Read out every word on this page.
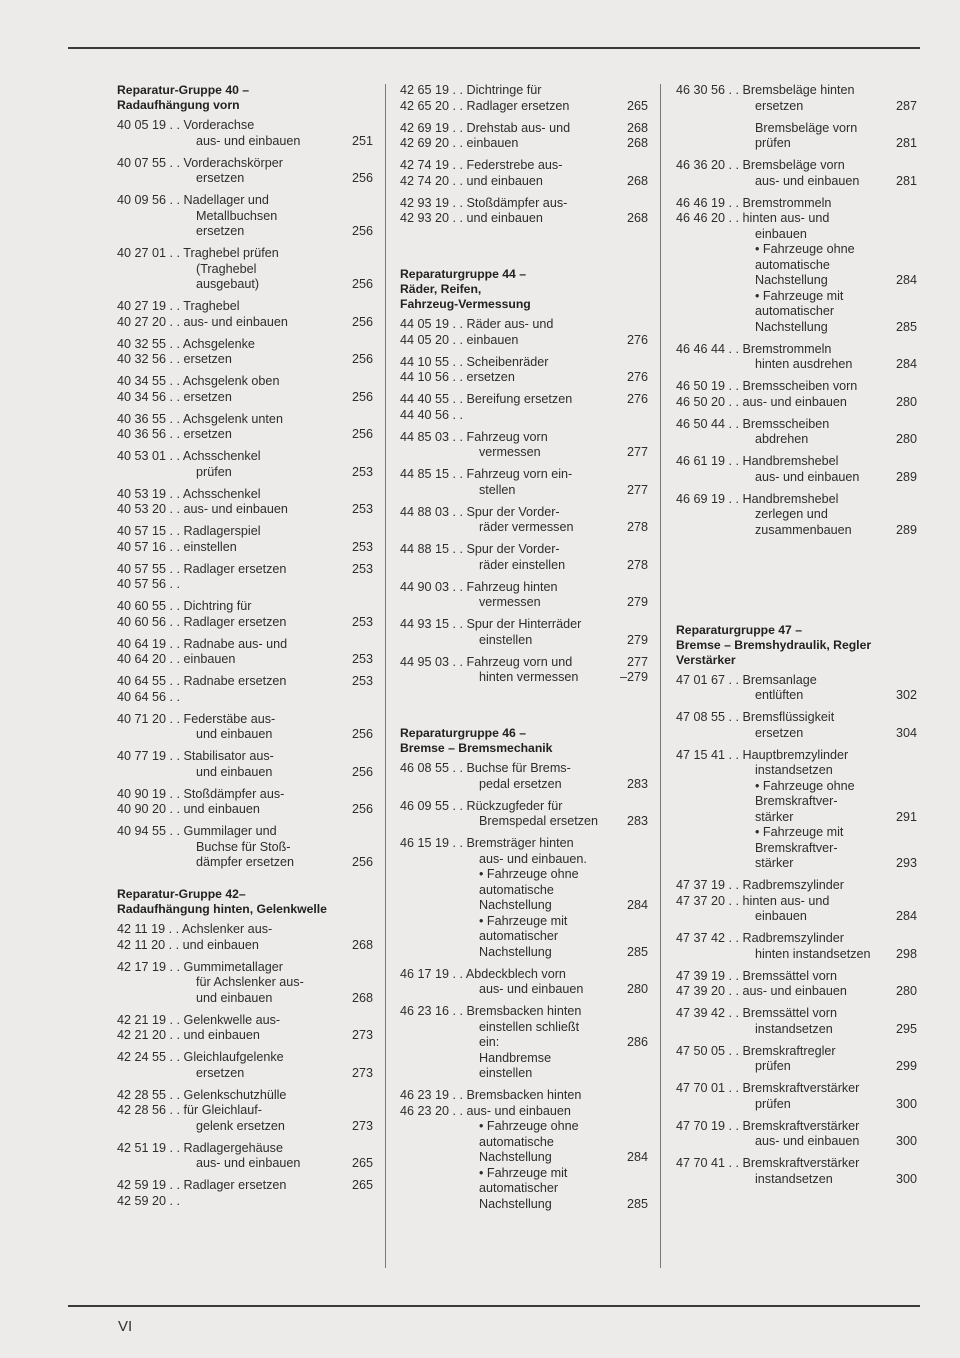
Reparatur-Gruppe 40 –
Radaufhängung vorn
40 05 19 . . Vorderachse
aus- und einbauen	251
40 07 55 . . Vorderachskörper
ersetzen	256
40 09 56 . . Nadellager und
Metallbuchsen
ersetzen	256
40 27 01 . . Traghebel prüfen
(Traghebel
ausgebaut)	256
40 27 19 . . Traghebel
40 27 20 . . aus- und einbauen	256
40 32 55 . . Achsgelenke
40 32 56 . . ersetzen	256
40 34 55 . . Achsgelenk oben
40 34 56 . . ersetzen	256
40 36 55 . . Achsgelenk unten
40 36 56 . . ersetzen	256
40 53 01 . . Achsschenkel
prüfen	253
40 53 19 . . Achsschenkel
40 53 20 . . aus- und einbauen	253
40 57 15 . . Radlagerspiel
40 57 16 . . einstellen	253
40 57 55 . . Radlager ersetzen	253
40 57 56 . .
40 60 55 . . Dichtring für
40 60 56 . . Radlager ersetzen	253
40 64 19 . . Radnabe aus- und
40 64 20 . . einbauen	253
40 64 55 . . Radnabe ersetzen	253
40 64 56 . .
40 71 20 . . Federstäbe aus-
und einbauen	256
40 77 19 . . Stabilisator aus-
und einbauen	256
40 90 19 . . Stoßdämpfer aus-
40 90 20 . . und einbauen	256
40 94 55 . . Gummilager und
Buchse für Stoß-
dämpfer ersetzen	256
Reparatur-Gruppe 42–
Radaufhängung hinten, Gelenkwelle
42 11 19 . . Achslenker aus-
42 11 20 . . und einbauen	268
42 17 19 . . Gummimetallager
für Achslenker aus-
und einbauen	268
42 21 19 . . Gelenkwelle aus-
42 21 20 . . und einbauen	273
42 24 55 . . Gleichlaufgelenke
ersetzen	273
42 28 55 . . Gelenkschutzhülle
42 28 56 . . für Gleichlauf-
gelenk ersetzen	273
42 51 19 . . Radlagergehäuse
aus- und einbauen	265
42 59 19 . . Radlager ersetzen	265
42 59 20 . .
42 65 19 . . Dichtringe für
42 65 20 . . Radlager ersetzen	265
42 69 19 . . Drehstab aus- und	268
42 69 20 . . einbauen	268
42 74 19 . . Federstrebe aus-
42 74 20 . . und einbauen	268
42 93 19 . . Stoßdämpfer aus-
42 93 20 . . und einbauen	268
Reparaturgruppe 44 –
Räder, Reifen,
Fahrzeug-Vermessung
44 05 19 . . Räder aus- und
44 05 20 . . einbauen	276
44 10 55 . . Scheibenräder
44 10 56 . . ersetzen	276
44 40 55 . . Bereifung ersetzen	276
44 40 56 . .
44 85 03 . . Fahrzeug vorn
vermessen	277
44 85 15 . . Fahrzeug vorn ein-
stellen	277
44 88 03 . . Spur der Vorder-
räder vermessen	278
44 88 15 . . Spur der Vorder-
räder einstellen	278
44 90 03 . . Fahrzeug hinten
vermessen	279
44 93 15 . . Spur der Hinterräder
einstellen	279
44 95 03 . . Fahrzeug vorn und	277
hinten vermessen	–279
Reparaturgruppe 46 –
Bremse – Bremsmechanik
46 08 55 . . Buchse für Brems-
pedal ersetzen	283
46 09 55 . . Rückzugfeder für
Bremspedal ersetzen	283
46 15 19 . . Bremsträger hinten
aus- und einbauen.
• Fahrzeuge ohne
automatische
Nachstellung	284
• Fahrzeuge mit
automatischer
Nachstellung	285
46 17 19 . . Abdeckblech vorn
aus- und einbauen	280
46 23 16 . . Bremsbacken hinten
einstellen schließt
ein:	286
Handbremse
einstellen
46 23 19 . . Bremsbacken hinten
46 23 20 . . aus- und einbauen
• Fahrzeuge ohne
automatische
Nachstellung	284
• Fahrzeuge mit
automatischer
Nachstellung	285
46 30 56 . . Bremsbeläge hinten
ersetzen	287
Bremsbeläge vorn
prüfen	281
46 36 20 . . Bremsbeläge vorn
aus- und einbauen	281
46 46 19 . . Bremstrommeln
46 46 20 . . hinten aus- und
einbauen
• Fahrzeuge ohne
automatische
Nachstellung	284
• Fahrzeuge mit
automatischer
Nachstellung	285
46 46 44 . . Bremstrommeln
hinten ausdrehen	284
46 50 19 . . Bremsscheiben vorn
46 50 20 . . aus- und einbauen	280
46 50 44 . . Bremsscheiben
abdrehen	280
46 61 19 . . Handbremshebel
aus- und einbauen	289
46 69 19 . . Handbremshebel
zerlegen und
zusammenbauen	289
Reparaturgruppe 47 –
Bremse – Bremshydraulik, Regler
Verstärker
47 01 67 . . Bremsanlage
entlüften	302
47 08 55 . . Bremsflüssigkeit
ersetzen	304
47 15 41 . . Hauptbremzylinder
instandsetzen
• Fahrzeuge ohne
Bremskraftver-
stärker	291
• Fahrzeuge mit
Bremskraftver-
stärker	293
47 37 19 . . Radbremszylinder
47 37 20 . . hinten aus- und
einbauen	284
47 37 42 . . Radbremszylinder
hinten instandsetzen	298
47 39 19 . . Bremssättel vorn
47 39 20 . . aus- und einbauen	280
47 39 42 . . Bremssättel vorn
instandsetzen	295
47 50 05 . . Bremskraftregler
prüfen	299
47 70 01 . . Bremskraftverstärker
prüfen	300
47 70 19 . . Bremskraftverstärker
aus- und einbauen	300
47 70 41 . . Bremskraftverstärker
instandsetzen	300
VI
